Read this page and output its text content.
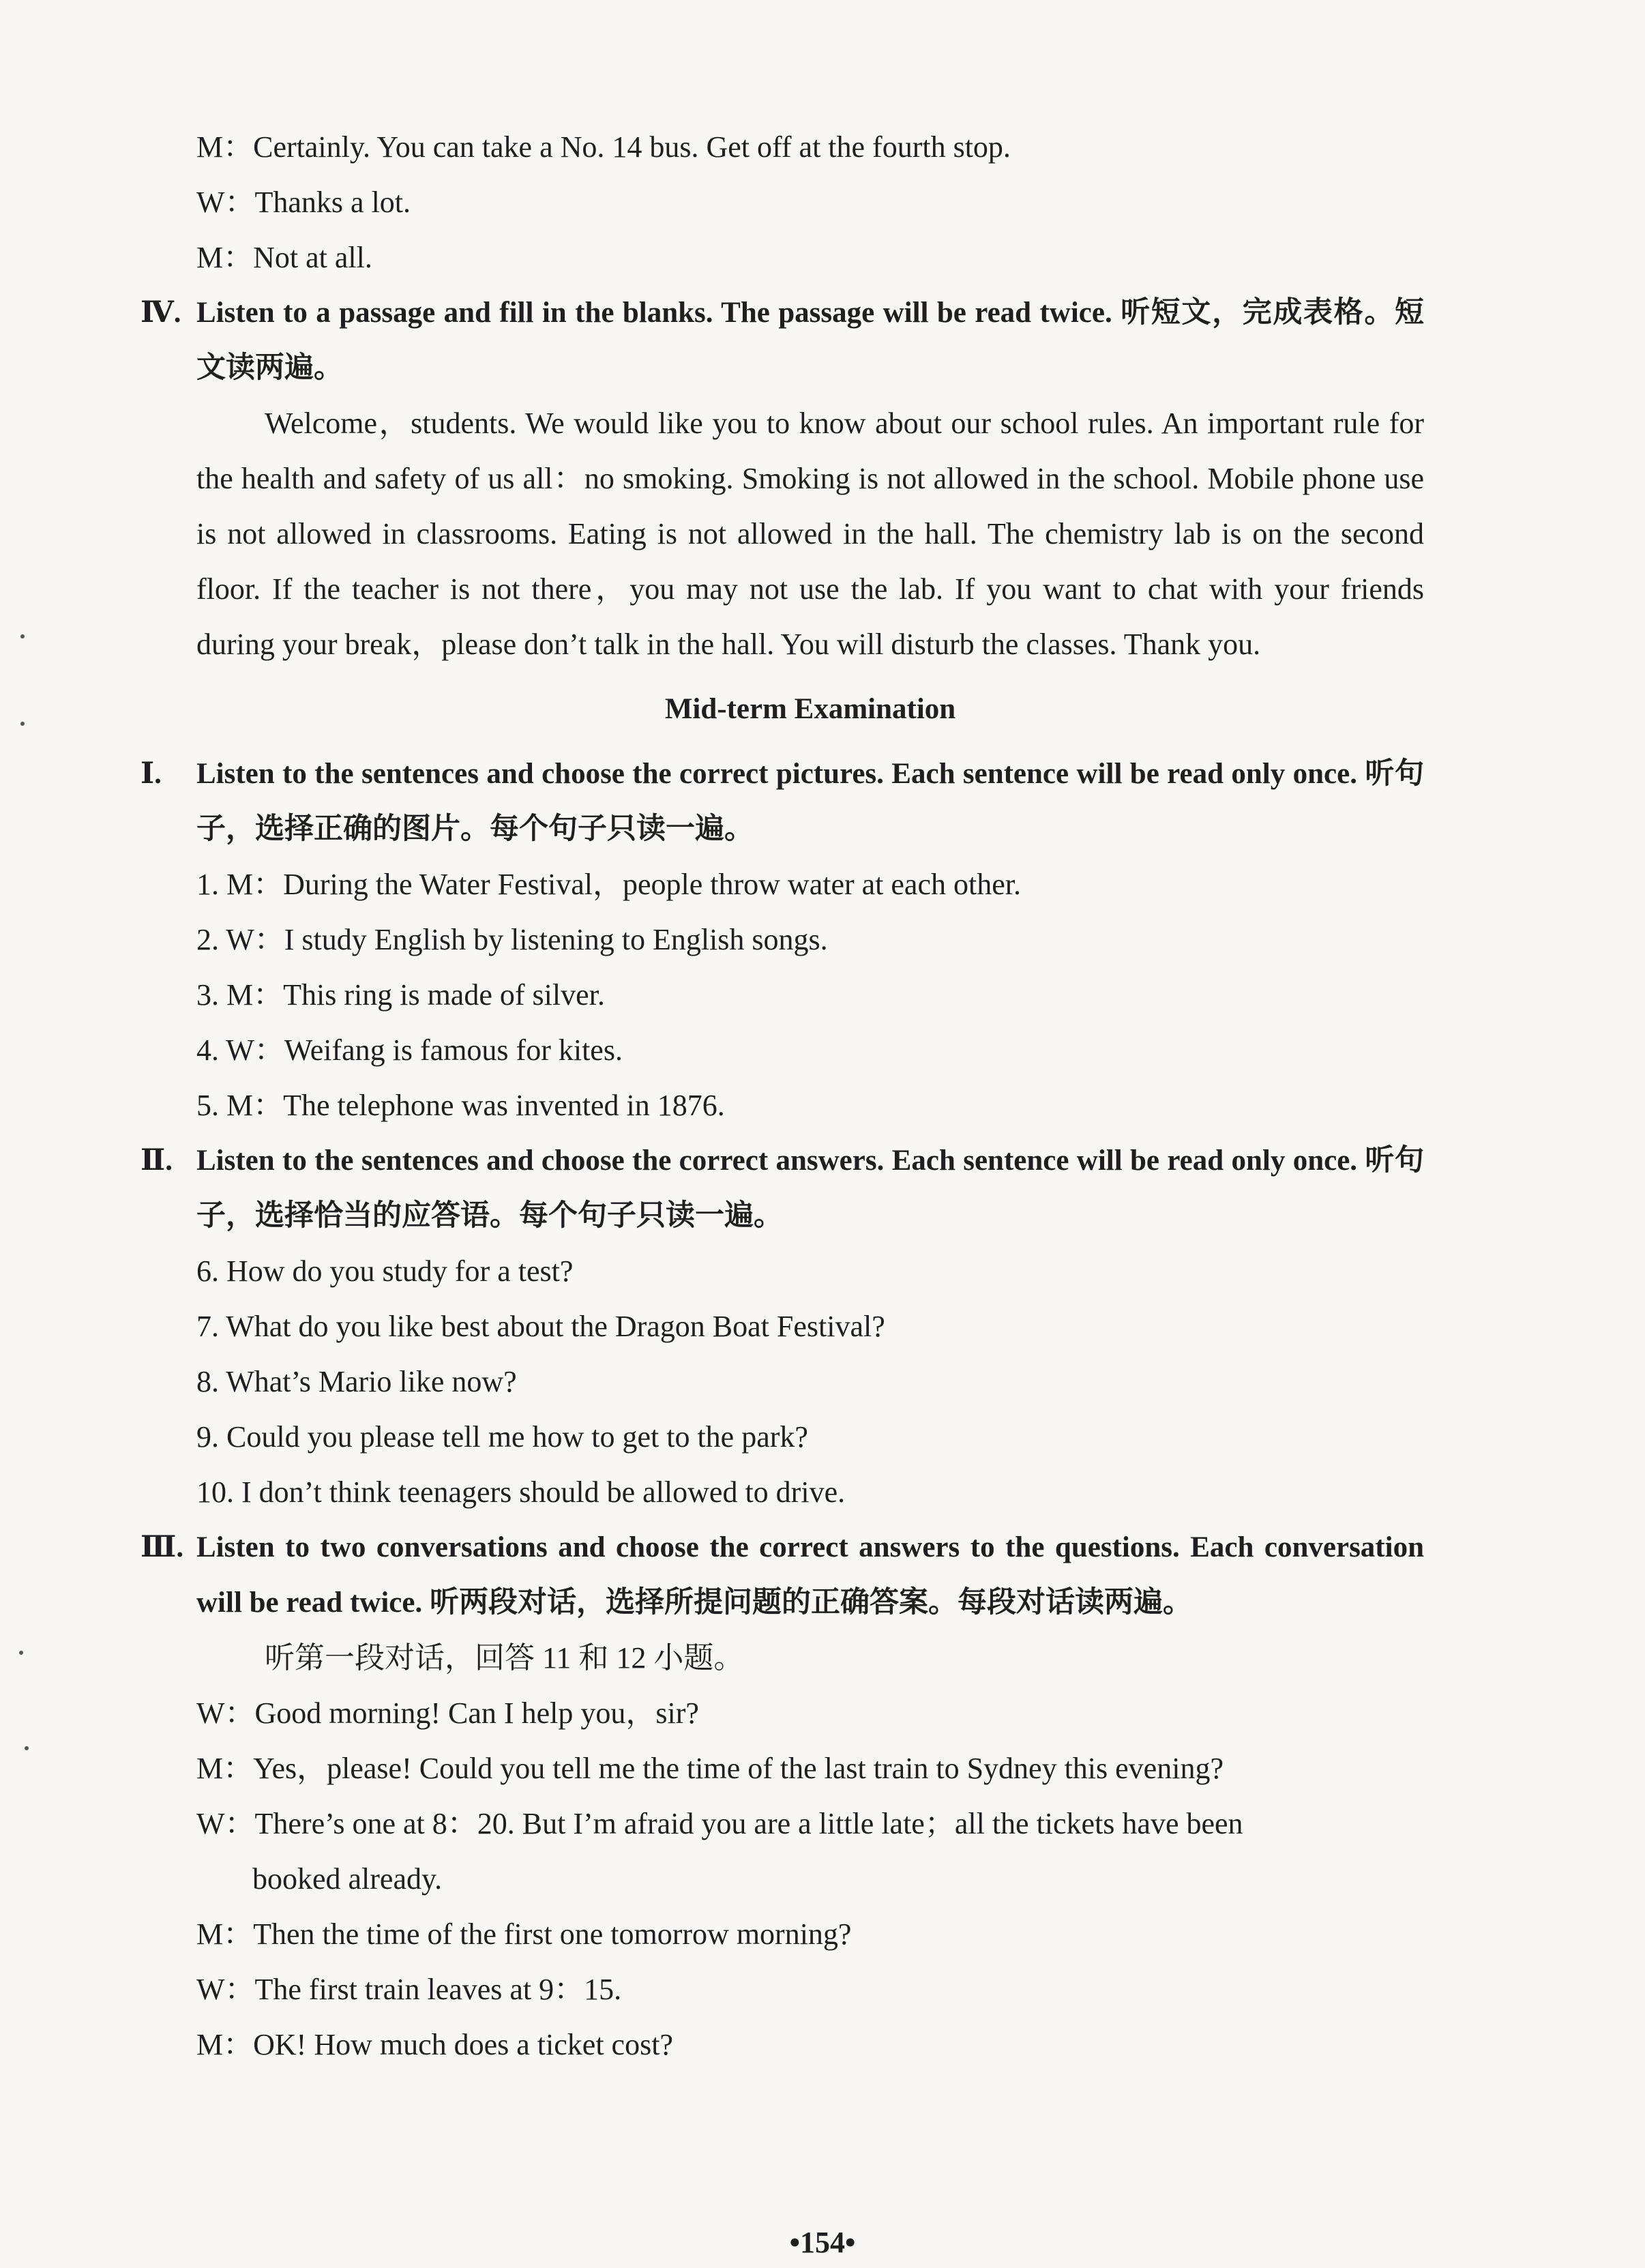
M：Certainly. You can take a No. 14 bus. Get off at the fourth stop.
W：Thanks a lot.
M：Not at all.
Ⅳ. Listen to a passage and fill in the blanks. The passage will be read twice. 听短文，完成表格。短文读两遍。
Welcome，students. We would like you to know about our school rules. An important rule for the health and safety of us all：no smoking. Smoking is not allowed in the school. Mobile phone use is not allowed in classrooms. Eating is not allowed in the hall. The chemistry lab is on the second floor. If the teacher is not there，you may not use the lab. If you want to chat with your friends during your break，please don’t talk in the hall. You will disturb the classes. Thank you.
Mid-term Examination
Ⅰ. Listen to the sentences and choose the correct pictures. Each sentence will be read only once. 听句子，选择正确的图片。每个句子只读一遍。
1. M：During the Water Festival，people throw water at each other.
2. W：I study English by listening to English songs.
3. M：This ring is made of silver.
4. W：Weifang is famous for kites.
5. M：The telephone was invented in 1876.
Ⅱ. Listen to the sentences and choose the correct answers. Each sentence will be read only once. 听句子，选择恰当的应答语。每个句子只读一遍。
6. How do you study for a test?
7. What do you like best about the Dragon Boat Festival?
8. What’s Mario like now?
9. Could you please tell me how to get to the park?
10. I don’t think teenagers should be allowed to drive.
Ⅲ. Listen to two conversations and choose the correct answers to the questions. Each conversation will be read twice. 听两段对话，选择所提问题的正确答案。每段对话读两遍。
听第一段对话，回答 11 和 12 小题。
W：Good morning! Can I help you，sir?
M：Yes，please! Could you tell me the time of the last train to Sydney this evening?
W：There’s one at 8：20. But I’m afraid you are a little late；all the tickets have been
booked already.
M：Then the time of the first one tomorrow morning?
W：The first train leaves at 9：15.
M：OK! How much does a ticket cost?
•154•
